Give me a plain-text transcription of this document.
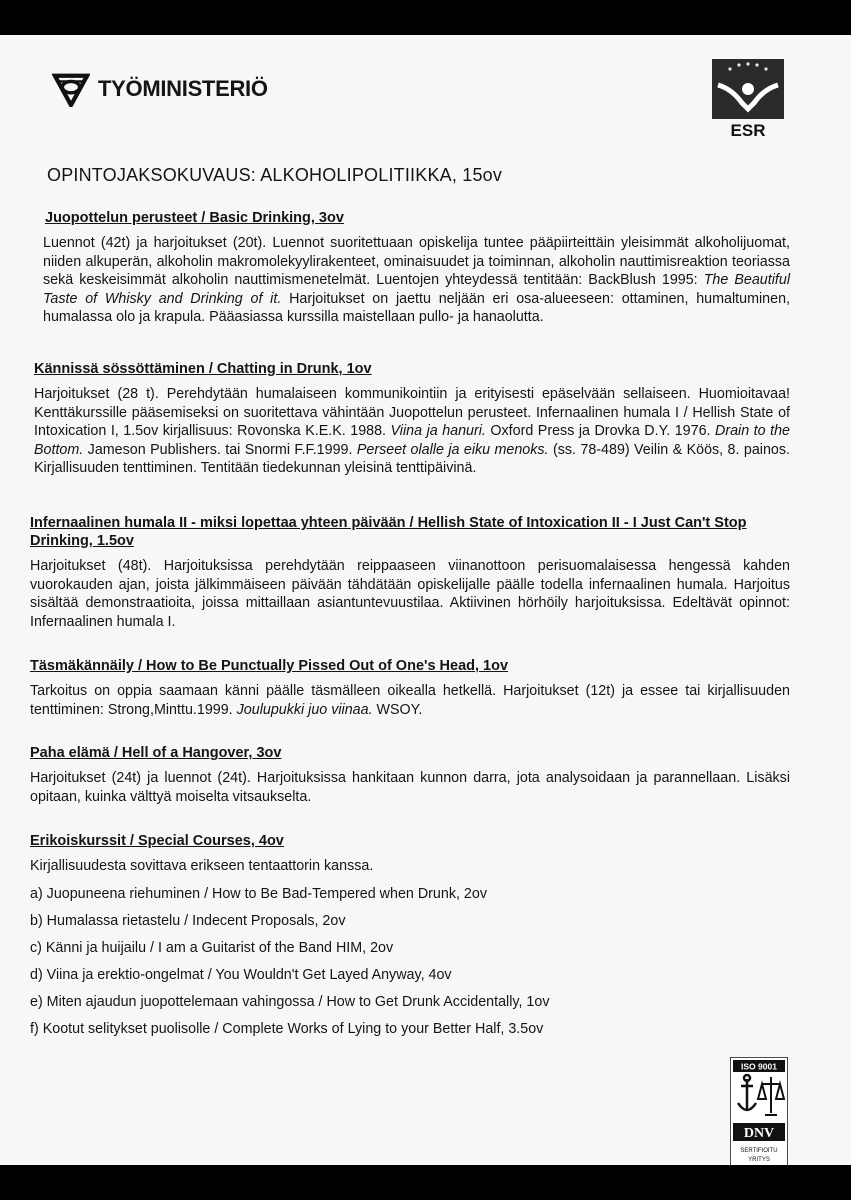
TYÖMINISTERIÖ
ESR
OPINTOJAKSOKUVAUS: ALKOHOLIPOLITIIKKA, 15ov
Juopottelun perusteet / Basic Drinking, 3ov

Luennot (42t) ja harjoitukset (20t). Luennot suoritettuaan opiskelija tuntee pääpiirteittäin yleisimmät alkoholijuomat, niiden alkuperän, alkoholin makromolekyylirakenteet, ominaisuudet ja toiminnan, alkoholin nauttimisreaktion teoriassa sekä keskeisimmät alkoholin nauttimismenetelmät. Luentojen yhteydessä tentitään: BackBlush 1995: The Beautiful Taste of Whisky and Drinking of it. Harjoitukset on jaettu neljään eri osa-alueeseen: ottaminen, humaltuminen, humalassa olo ja krapula. Pääasiassa kurssilla maistellaan pullo- ja hanaolutta.

Kännissä sössöttäminen / Chatting in Drunk, 1ov

Harjoitukset (28 t). Perehdytään humalaiseen kommunikointiin ja erityisesti epäselvään sellaiseen. Huomioitavaa! Kenttäkurssille pääsemiseksi on suoritettava vähintään Juopottelun perusteet. Infernaalinen humala I / Hellish State of Intoxication I, 1.5ov kirjallisuus: Rovonska K.E.K. 1988. Viina ja hanuri. Oxford Press ja Drovka D.Y. 1976. Drain to the Bottom. Jameson Publishers. tai Snormi F.F.1999. Perseet olalle ja eiku menoks. (ss. 78-489) Veilin & Köös, 8. painos. Kirjallisuuden tenttiminen. Tentitään tiedekunnan yleisinä tenttipäivinä.

Infernaalinen humala II - miksi lopettaa yhteen päivään / Hellish State of Intoxication II - I Just Can't Stop Drinking, 1.5ov

Harjoitukset (48t). Harjoituksissa perehdytään reippaaseen viinanottoon perisuomalaisessa hengessä kahden vuorokauden ajan, joista jälkimmäiseen päivään tähdätään opiskelijalle päälle todella infernaalinen humala. Harjoitus sisältää demonstraatioita, joissa mittaillaan asiantuntevuustilaa. Aktiivinen hörhöily harjoituksissa. Edeltävät opinnot: Infernaalinen humala I.

Täsmäkännäily / How to Be Punctually Pissed Out of One's Head, 1ov

Tarkoitus on oppia saamaan känni päälle täsmälleen oikealla hetkellä. Harjoitukset (12t) ja essee tai kirjallisuuden tenttiminen: Strong,Minttu.1999. Joulupukki juo viinaa. WSOY.

Paha elämä / Hell of a Hangover, 3ov

Harjoitukset (24t) ja luennot (24t). Harjoituksissa hankitaan kunnon darra, jota analysoidaan ja parannellaan. Lisäksi opitaan, kuinka välttyä moiselta vitsaukselta.

Erikoiskurssit / Special Courses, 4ov

Kirjallisuudesta sovittava erikseen tentaattorin kanssa.

a) Juopuneena riehuminen / How to Be Bad-Tempered when Drunk, 2ov
b) Humalassa rietastelu / Indecent Proposals, 2ov
c) Känni ja huijailu / I am a Guitarist of the Band HIM, 2ov
d) Viina ja erektio-ongelmat / You Wouldn't Get Layed Anyway, 4ov
e) Miten ajaudun juopottelemaan vahingossa / How to Get Drunk Accidentally, 1ov
f) Kootut selitykset puolisolle / Complete Works of Lying to your Better Half, 3.5ov
ISO 9001
DNV
SERTIFIOITU
YRITYS
